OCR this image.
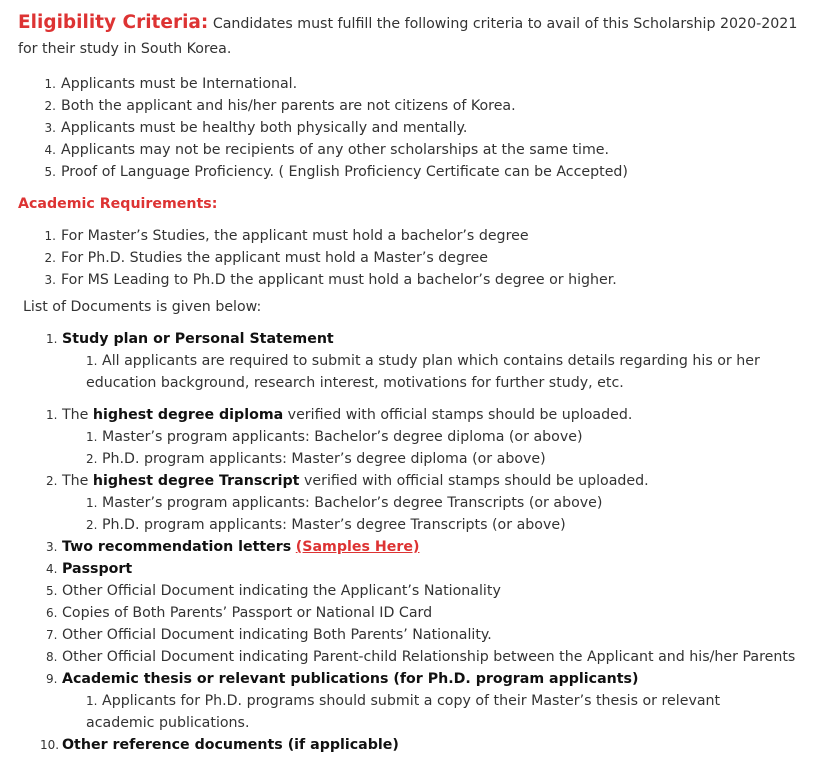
Eligibility Criteria: Candidates must fulfill the following criteria to avail of this Scholarship 2020-2021 for their study in South Korea.
1. Applicants must be International.
2. Both the applicant and his/her parents are not citizens of Korea.
3. Applicants must be healthy both physically and mentally.
4. Applicants may not be recipients of any other scholarships at the same time.
5. Proof of Language Proficiency. ( English Proficiency Certificate can be Accepted)
Academic Requirements:
1. For Master’s Studies, the applicant must hold a bachelor’s degree
2. For Ph.D. Studies the applicant must hold a Master’s degree
3. For MS Leading to Ph.D the applicant must hold a bachelor’s degree or higher.
List of Documents is given below:
1. Study plan or Personal Statement
1. All applicants are required to submit a study plan which contains details regarding his or her education background, research interest, motivations for further study, etc.
1. The highest degree diploma verified with official stamps should be uploaded.
1. Master’s program applicants: Bachelor’s degree diploma (or above)
2. Ph.D. program applicants: Master’s degree diploma (or above)
2. The highest degree Transcript verified with official stamps should be uploaded.
1. Master’s program applicants: Bachelor’s degree Transcripts (or above)
2. Ph.D. program applicants: Master’s degree Transcripts (or above)
3. Two recommendation letters (Samples Here)
4. Passport
5. Other Official Document indicating the Applicant’s Nationality
6. Copies of Both Parents’ Passport or National ID Card
7. Other Official Document indicating Both Parents’ Nationality.
8. Other Official Document indicating Parent-child Relationship between the Applicant and his/her Parents
9. Academic thesis or relevant publications (for Ph.D. program applicants)
1. Applicants for Ph.D. programs should submit a copy of their Master’s thesis or relevant academic publications.
10. Other reference documents (if applicable)
